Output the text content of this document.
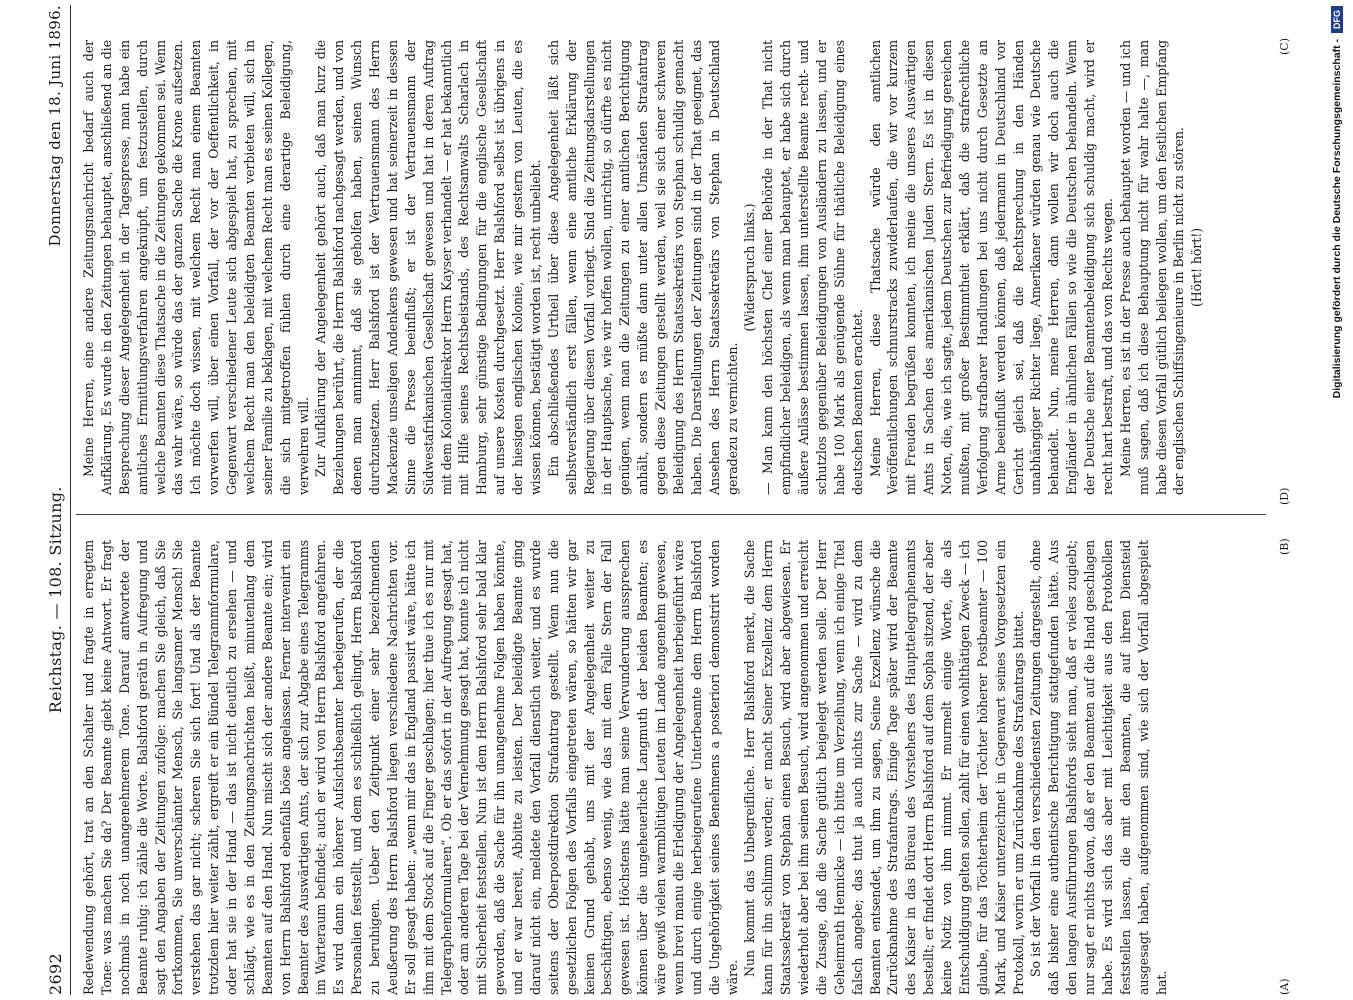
2692
Reichstag. — 108. Sitzung.
Donnerstag den 18. Juni 1896.
(A)
(B)
(C)
(D)

Redewendung gehört, trat an den Schalter und fragte in erregtem Tone: was machen Sie da? Der Beamte giebt keine Antwort. Er fragt nochmals in noch unangenehmerem Tone. Darauf antwortete der Beamte ruhig: ich zähle die Worte. Balshford geräth in Aufregung und sagt den Angaben der Zeitungen zufolge: machen Sie gleich, daß Sie fortkommen, Sie unverschämter Mensch, Sie langsamer Mensch! Sie verstehen das gar nicht; scheren Sie sich fort! Und als der Beamte trotzdem hier weiter zählt, ergreift er ein Bündel Telegrammformulare, oder hat sie in der Hand — das ist nicht deutlich zu ersehen — und schlägt, wie es in den Zeitungsnachrichten heißt, minutenlang dem Beamten auf den Hand. Nun mischt sich der andere Beamte ein; wird von Herrn Balshford ebenfalls böse angelassen. Ferner intervenirt ein Beamter des Auswärtigen Amts, der sich zur Abgabe eines Telegramms im Warteraum befindet; auch er wird von Herrn Balshford angefahren. Es wird dann ein höherer Aufsichtsbeamter herbeigerufen, der die Personalien feststellt, und dem es schließlich gelingt, Herrn Balshford zu beruhigen. Ueber den Zeitpunkt einer sehr bezeichnenden Aeußerung des Herrn Balshford liegen verschiedene Nachrichten vor. Er soll gesagt haben: „wenn mir das in England passirt wäre, hätte ich ihm mit dem Stock auf die Finger geschlagen; hier thue ich es nur mit Telegraphenformularen“. Ob er das sofort in der Aufregung gesagt hat, oder am anderen Tage bei der Vernehmung gesagt hat, konnte ich nicht mit Sicherheit feststellen. Nun ist dem Herrn Balshford sehr bald klar geworden, daß die Sache für ihn unangenehme Folgen haben könnte, und er war bereit, Abbitte zu leisten. Der beleidigte Beamte ging darauf nicht ein, meldete den Vorfall dienstlich weiter, und es wurde seitens der Oberpostdirektion Strafantrag gestellt. Wenn nun die gesetzlichen Folgen des Vorfalls eingetreten wären, so hätten wir gar keinen Grund gehabt, uns mit der Angelegenheit weiter zu beschäftigen, ebenso wenig, wie das mit dem Falle Stern der Fall gewesen ist. Höchstens hätte man seine Verwunderung aussprechen können über die ungeheuerliche Langmuth der beiden Beamten; es wäre gewiß vielen warmblütigen Leuten im Lande angenehm gewesen, wenn brevi manu die Erledigung der Angelegenheit herbeigeführt wäre und durch einige herbeigerufene Unterbeamte dem Herrn Balshford die Ungehörigkeit seines Benehmens a posteriori demonstrirt worden wäre.

Nun kommt das Unbegreifliche. Herr Balshford merkt, die Sache kann für ihn schlimm werden; er macht Seiner Exzellenz dem Herrn Staatssekretär von Stephan einen Besuch, wird aber abgewiesen. Er wiederholt aber bei ihm seinen Besuch, wird angenommen und erreicht die Zusage, daß die Sache gütlich beigelegt werden solle. Der Herr Geheimrath Hennicke — ich bitte um Verzeihung, wenn ich einige Titel falsch angebe; das thut ja auch nichts zur Sache — wird zu dem Beamten entsendet, um ihm zu sagen, Seine Exzellenz wünsche die Zurücknahme des Strafantrags. Einige Tage später wird der Beamte des Kaiser in das Büreau des Vorstehers des Haupttelegraphenamts bestellt; er findet dort Herrn Balshford auf dem Sopha sitzend, der aber keine Notiz von ihm nimmt. Er murmelt einige Worte, die als Entschuldigung gelten sollen, zahlt für einen wohlthätigen Zweck — ich glaube, für das Töchterheim der Töchter höherer Postbeamter — 100 Mark, und Kaiser unterzeichnet in Gegenwart seines Vorgesetzten ein Protokoll, worin er um Zurücknahme des Strafantrags bittet. So ist der Vorfall in den verschiedensten Zeitungen dargestellt, ohne daß bisher eine authentische Berichtigung stattgefunden hätte. Aus den langen Ausführungen Balshfords sieht man, daß er vieles zugiebt; nur sagt er nichts davon, daß er den Beamten auf die Hand geschlagen habe. Es wird sich das aber mit Leichtigkeit aus den Protokollen feststellen lassen, die mit den Beamten, die auf ihren Diensteid ausgesagt haben, aufgenommen sind, wie sich der Vorfall abgespielt hat.

Meine Herren, eine andere Zeitungsnachricht bedarf auch der Aufklärung. Es wurde in den Zeitungen behauptet, anschließend an die Besprechung dieser Angelegenheit in der Tagespresse, man habe ein amtliches Ermittlungsverfahren angeknüpft, um festzustellen, durch welche Beamten diese Thatsache in die Zeitungen gekommen sei. Wenn das wahr wäre, so würde das der ganzen Sache die Krone aufsetzen. Ich möchte doch wissen, mit welchem Recht man einem Beamten vorwerfen will, über einen Vorfall, der vor der Oeffentlichkeit, in Gegenwart verschiedener Leute sich abgespielt hat, zu sprechen, mit welchem Recht man den beleidigten Beamten verbieten will, sich in seiner Familie zu beklagen, mit welchem Recht man es seinen Kollegen, die sich mitgetroffen fühlen durch eine derartige Beleidigung, verwehren will. Zur Aufklärung der Angelegenheit gehört auch, daß man kurz die Beziehungen berührt, die Herrn Balshford nachgesagt werden, und von denen man annimmt, daß sie geholfen haben, seinen Wunsch durchzusetzen. Herr Balshford ist der Vertrauensmann des Herrn Mackenzie unseligen Andenkens gewesen und hat seinerzeit in dessen Sinne die Presse beeinflußt; er ist der Vertrauensmann der Südwestafrikanischen Gesellschaft gewesen und hat in deren Auftrag mit dem Kolonialdirektor Herrn Kayser verhandelt — er hat bekanntlich mit Hilfe seines Rechtsbeistands, des Rechtsanwalts Scharlach in Hamburg, sehr günstige Bedingungen für die englische Gesellschaft auf unsere Kosten durchgesetzt. Herr Balshford selbst ist übrigens in der hiesigen englischen Kolonie, wie mir gestern von Leuten, die es wissen können, bestätigt worden ist, recht unbeliebt. Ein abschließendes Urtheil über diese Angelegenheit läßt sich selbstverständlich erst fällen, wenn eine amtliche Erklärung der Regierung über diesen Vorfall vorliegt. Sind die Zeitungsdarstellungen in der Hauptsache, wie wir hoffen wollen, unrichtig, so dürfte es nicht genügen, wenn man die Zeitungen zu einer amtlichen Berichtigung anhält, sondern es müßte dann unter allen Umständen Strafantrag gegen diese Zeitungen gestellt werden, weil sie sich einer schweren Beleidigung des Herrn Staatssekretärs von Stephan schuldig gemacht haben. Die Darstellungen der Zeitungen sind in der That geeignet, das Ansehen des Herrn Staatssekretärs von Stephan in Deutschland geradezu zu vernichten.

(Widerspruch links.) — Man kann den höchsten Chef einer Behörde in der That nicht empfindlicher beleidigen, als wenn man behauptet, er habe sich durch äußere Anlässe bestimmen lassen, ihm unterstellte Beamte recht- und schutzlos gegenüber Beleidigungen von Ausländern zu lassen, und er habe 100 Mark als genügende Sühne für thätliche Beleidigung eines deutschen Beamten erachtet. Meine Herren, diese Thatsache würde den amtlichen Veröffentlichungen schnurstracks zuwiderlaufen, die wir vor kurzem mit Freuden begrüßen konnten, ich meine die unseres Auswärtigen Amts in Sachen des amerikanischen Juden Stern. Es ist in diesen Noten, die, wie ich sagte, jedem Deutschen zur Befriedigung gereichen mußten, mit großer Bestimmtheit erklärt, daß die strafrechtliche Verfolgung strafbarer Handlungen bei uns nicht durch Gesetzte an Arme beeinflußt werden können, daß jedermann in Deutschland vor Gericht gleich sei, daß die Rechtsprechung in den Händen unabhängiger Richter liege, Amerikaner würden genau wie Deutsche behandelt. Nun, meine Herren, dann wollen wir doch auch die Engländer in ähnlichen Fällen so wie die Deutschen behandeln. Wenn der Deutsche einer Beamtenbeleidigung sich schuldig macht, wird er recht hart bestraft, und das von Rechts wegen. Meine Herren, es ist in der Presse auch behauptet worden — und ich muß sagen, daß ich diese Behauptung nicht für wahr halte —, man habe diesen Vorfall gütlich beilegen wollen, um den festlichen Empfang der englischen Schiffsingenieure in Berlin nicht zu stören. (Hört! hört!)	Digitalisierung gefördert durch die Deutsche Forschungsgemeinschaft -
DFG
